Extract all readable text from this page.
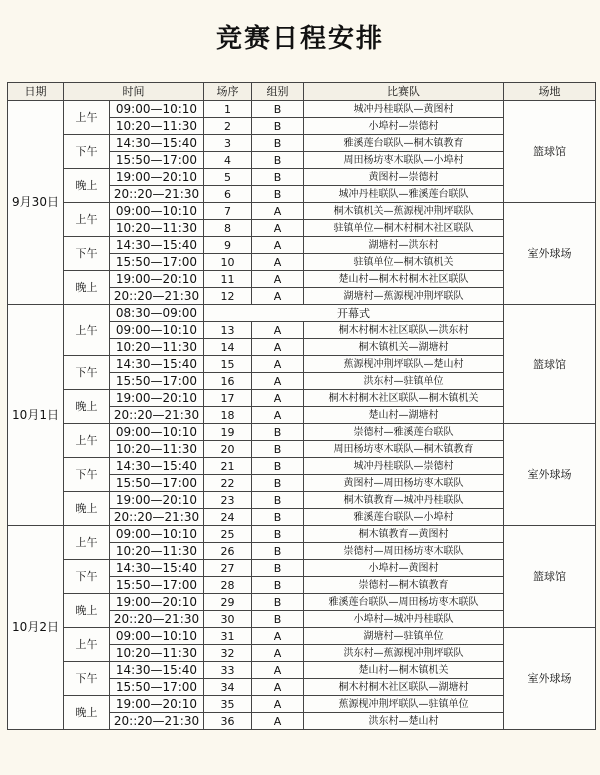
竞赛日程安排
日期	时间		场序	组别	比赛队	场地
9月30日	上午	09:00—10:10	1	B	城冲丹桂联队—黄图村	篮球馆
		10:20—11:30	2	B	小埠村—崇德村	
	下午	14:30—15:40	3	B	雅溪莲台联队—桐木镇教育	
		15:50—17:00	4	B	周田杨坊枣木联队—小埠村	
	晚上	19:00—20:10	5	B	黄图村—崇德村	
		20::20—21:30	6	B	城冲丹桂联队—雅溪莲台联队	
	上午	09:00—10:10	7	A	桐木镇机关—蕉源枧冲荆坪联队	室外球场
		10:20—11:30	8	A	驻镇单位—桐木村桐木社区联队	
	下午	14:30—15:40	9	A	湖塘村—洪东村	
		15:50—17:00	10	A	驻镇单位—桐木镇机关	
	晚上	19:00—20:10	11	A	楚山村—桐木村桐木社区联队	
		20::20—21:30	12	A	湖塘村—蕉源枧冲荆坪联队	
10月1日	上午	08:30—09:00	开幕式			篮球馆
		09:00—10:10	13	A	桐木村桐木社区联队—洪东村	
		10:20—11:30	14	A	桐木镇机关—湖塘村	
	下午	14:30—15:40	15	A	蕉源枧冲荆坪联队—楚山村	
		15:50—17:00	16	A	洪东村—驻镇单位	
	晚上	19:00—20:10	17	A	桐木村桐木社区联队—桐木镇机关	
		20::20—21:30	18	A	楚山村—湖塘村	
	上午	09:00—10:10	19	B	崇德村—雅溪莲台联队	室外球场
		10:20—11:30	20	B	周田杨坊枣木联队—桐木镇教育	
	下午	14:30—15:40	21	B	城冲丹桂联队—崇德村	
		15:50—17:00	22	B	黄图村—周田杨坊枣木联队	
	晚上	19:00—20:10	23	B	桐木镇教育—城冲丹桂联队	
		20::20—21:30	24	B	雅溪莲台联队—小埠村	
10月2日	上午	09:00—10:10	25	B	桐木镇教育—黄图村	篮球馆
		10:20—11:30	26	B	崇德村—周田杨坊枣木联队	
	下午	14:30—15:40	27	B	小埠村—黄图村	
		15:50—17:00	28	B	崇德村—桐木镇教育	
	晚上	19:00—20:10	29	B	雅溪莲台联队—周田杨坊枣木联队	
		20::20—21:30	30	B	小埠村—城冲丹桂联队	
	上午	09:00—10:10	31	A	湖塘村—驻镇单位	室外球场
		10:20—11:30	32	A	洪东村—蕉源枧冲荆坪联队	
	下午	14:30—15:40	33	A	楚山村—桐木镇机关	
		15:50—17:00	34	A	桐木村桐木社区联队—湖塘村	
	晚上	19:00—20:10	35	A	蕉源枧冲荆坪联队—驻镇单位	
		20::20—21:30	36	A	洪东村—楚山村	
